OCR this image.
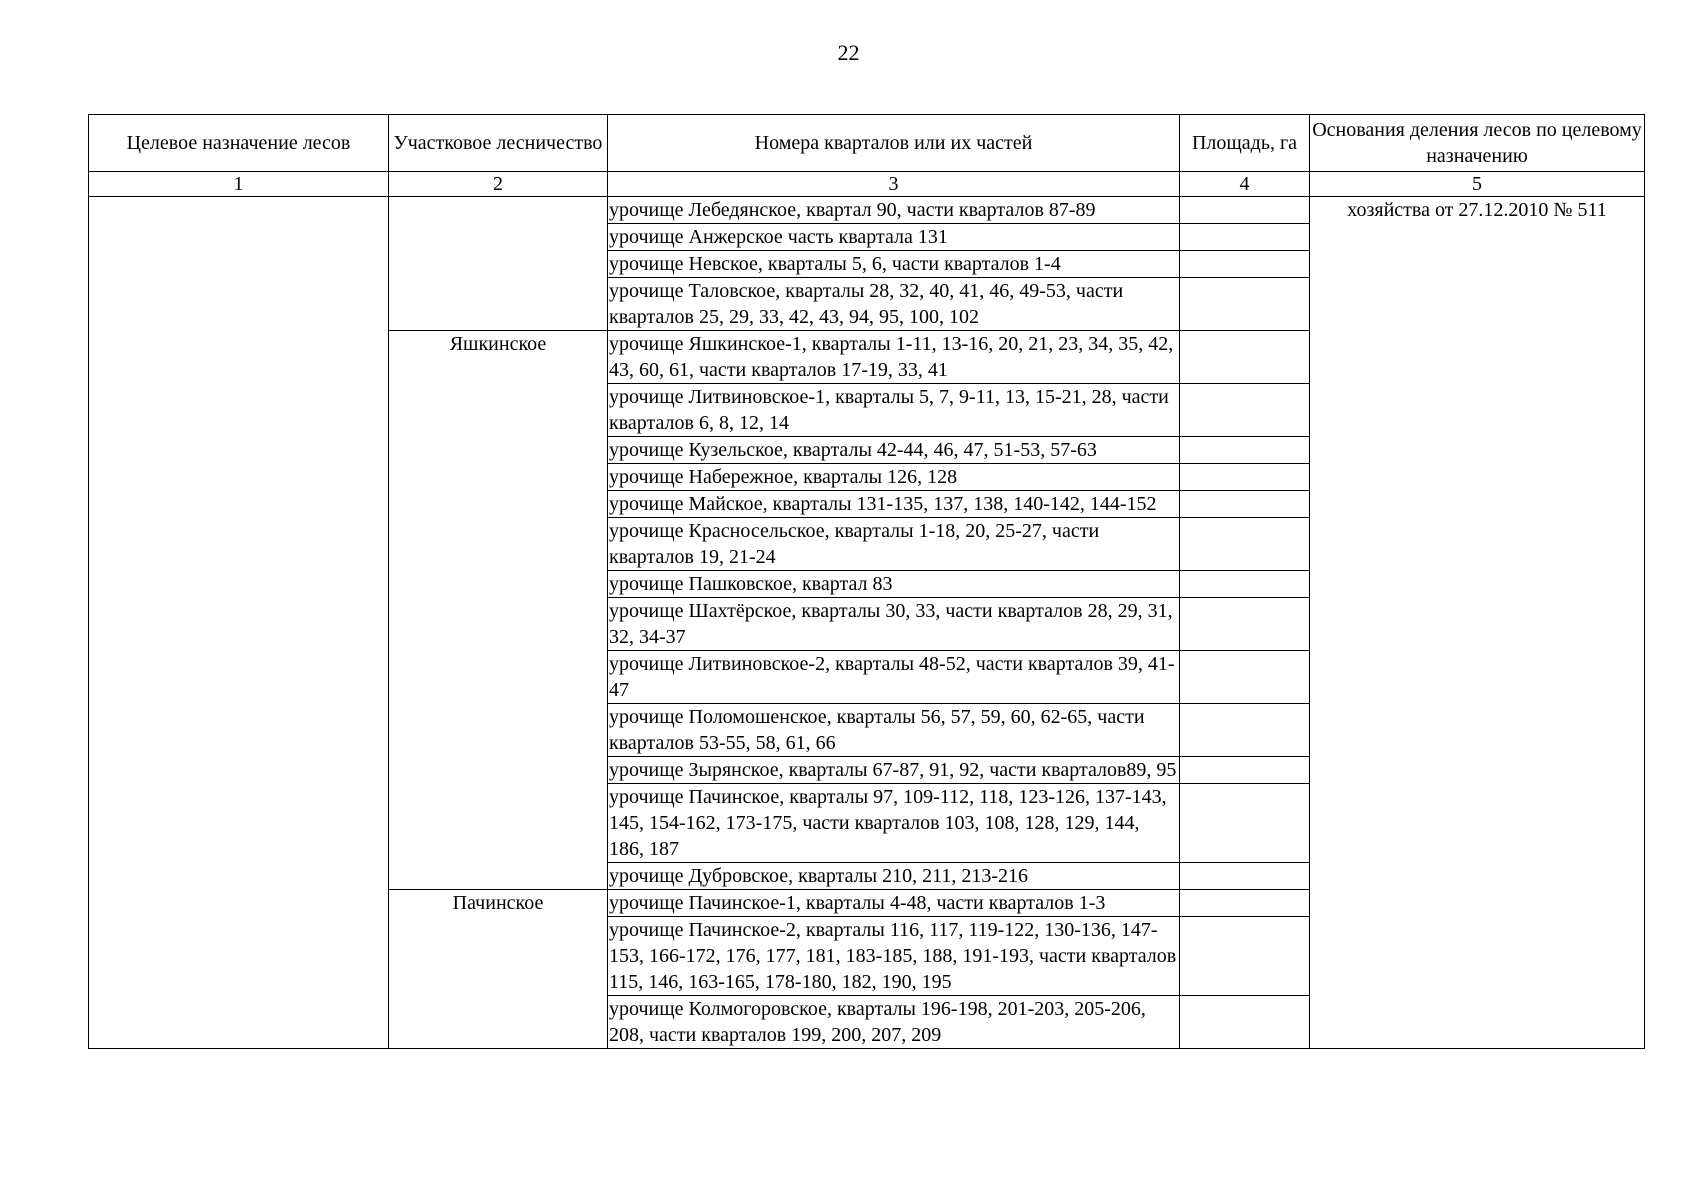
22
Целевое назначение лесов	Участковое лесничество	Номера кварталов или их частей	Площадь, га	Основания деления лесов по целевому назначению
1	2	3	4	5
		урочище Лебедянское, квартал 90, части кварталов 87-89		хозяйства от 27.12.2010 № 511
		урочище Анжерское часть квартала 131		
		урочище Невское, кварталы 5, 6, части кварталов 1-4		
		урочище Таловское, кварталы 28, 32, 40, 41, 46, 49-53, части кварталов 25, 29, 33, 42, 43, 94, 95, 100, 102		
	Яшкинское	урочище Яшкинское-1, кварталы 1-11, 13-16, 20, 21, 23, 34, 35, 42, 43, 60, 61, части кварталов 17-19, 33, 41		
		урочище Литвиновское-1, кварталы 5, 7, 9-11, 13, 15-21, 28, части кварталов 6, 8, 12, 14		
		урочище Кузельское, кварталы 42-44, 46, 47, 51-53, 57-63		
		урочище Набережное, кварталы 126, 128		
		урочище Майское, кварталы 131-135, 137, 138, 140-142, 144-152		
		урочище Красносельское, кварталы 1-18, 20, 25-27, части кварталов 19, 21-24		
		урочище Пашковское, квартал 83		
		урочище Шахтёрское, кварталы 30, 33, части кварталов 28, 29, 31, 32, 34-37		
		урочище Литвиновское-2, кварталы 48-52, части кварталов 39, 41-47		
		урочище Поломошенское, кварталы 56, 57, 59, 60, 62-65, части кварталов 53-55, 58, 61, 66		
		урочище Зырянское, кварталы 67-87, 91, 92, части кварталов89, 95		
		урочище Пачинское, кварталы 97, 109-112, 118, 123-126, 137-143, 145, 154-162, 173-175, части кварталов 103, 108, 128, 129, 144, 186, 187		
		урочище Дубровское, кварталы 210, 211, 213-216		
	Пачинское	урочище Пачинское-1, кварталы 4-48, части кварталов 1-3		
		урочище Пачинское-2, кварталы 116, 117, 119-122, 130-136, 147-153, 166-172, 176, 177, 181, 183-185, 188, 191-193, части кварталов 115, 146, 163-165, 178-180, 182, 190, 195		
		урочище Колмогоровское, кварталы 196-198, 201-203, 205-206, 208, части кварталов 199, 200, 207, 209		
